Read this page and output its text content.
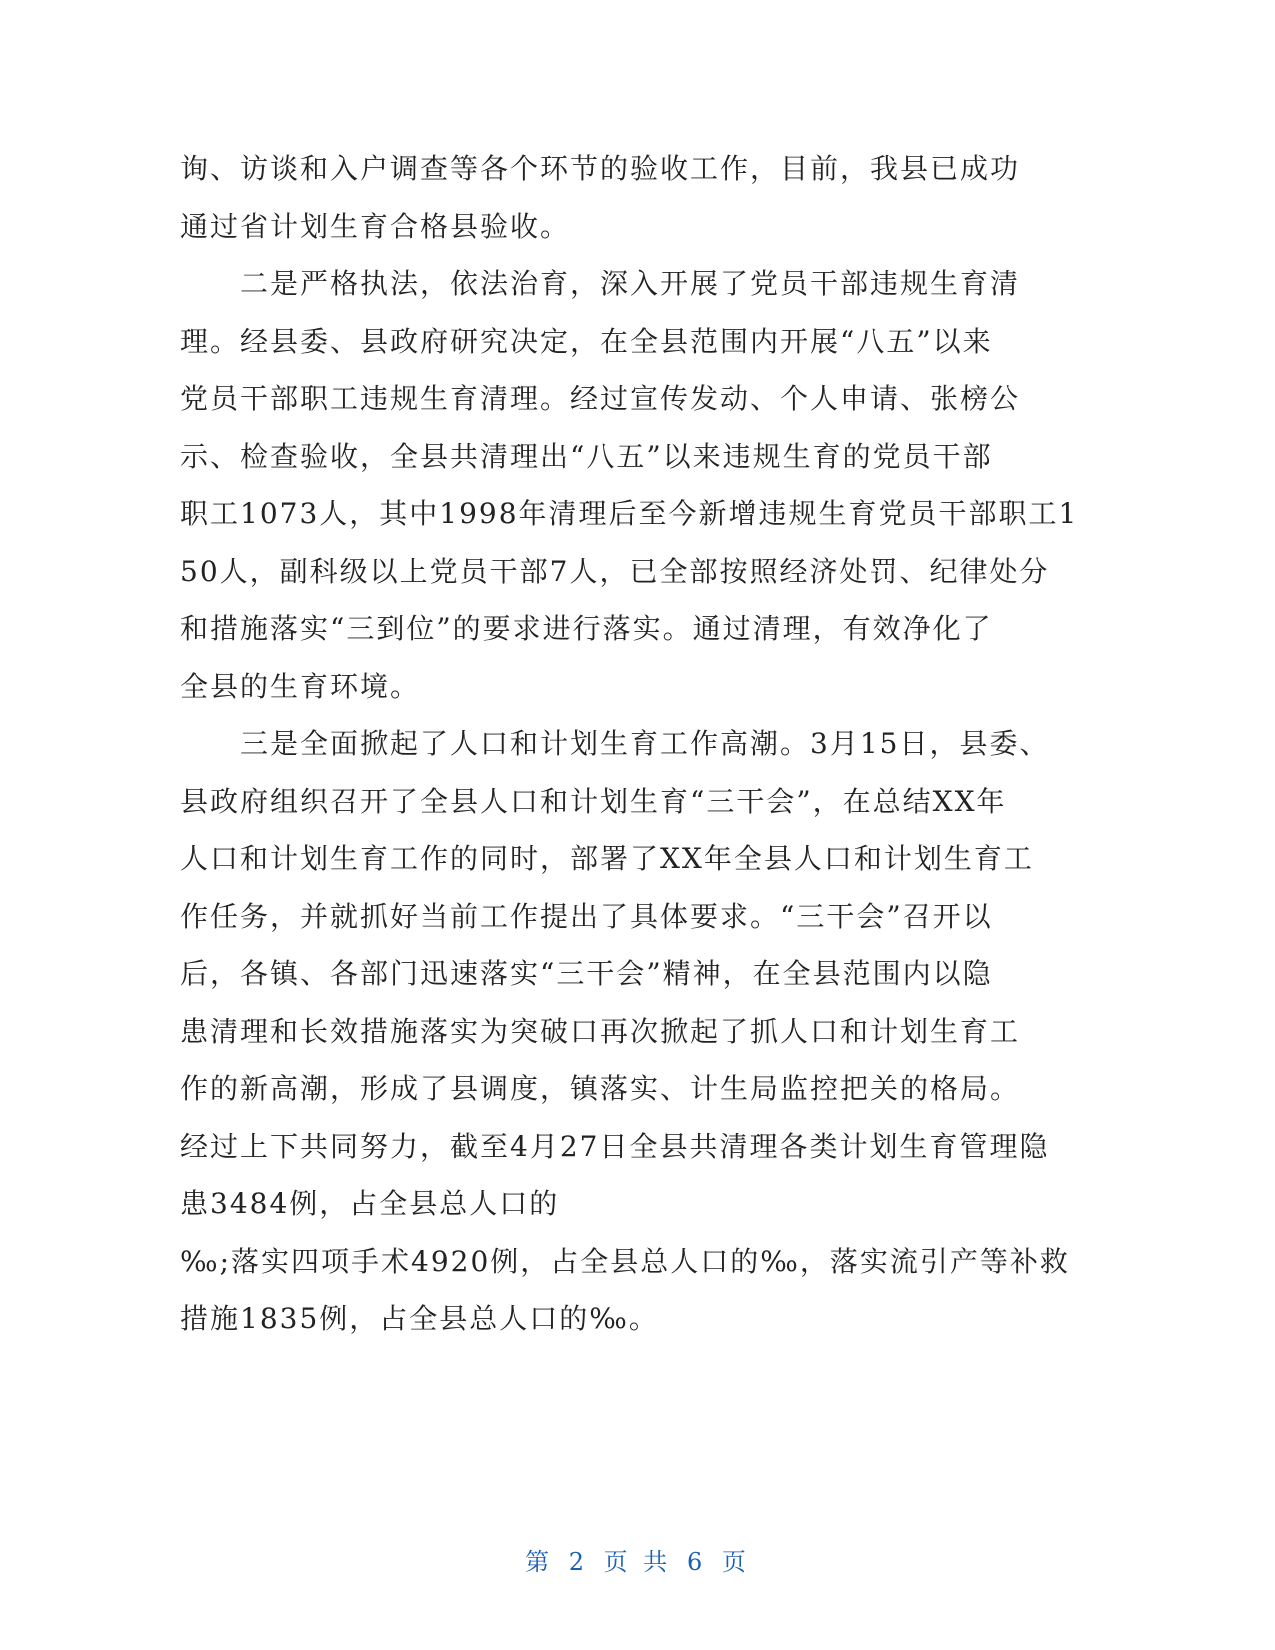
询、访谈和入户调查等各个环节的验收工作，目前，我县已成功
通过省计划生育合格县验收。
二是严格执法，依法治育，深入开展了党员干部违规生育清
理。经县委、县政府研究决定，在全县范围内开展“八五”以来
党员干部职工违规生育清理。经过宣传发动、个人申请、张榜公
示、检查验收，全县共清理出“八五”以来违规生育的党员干部
职工1073人，其中1998年清理后至今新增违规生育党员干部职工1
50人，副科级以上党员干部7人，已全部按照经济处罚、纪律处分
和措施落实“三到位”的要求进行落实。通过清理，有效净化了
全县的生育环境。
三是全面掀起了人口和计划生育工作高潮。3月15日，县委、
县政府组织召开了全县人口和计划生育“三干会”，在总结XX年
人口和计划生育工作的同时，部署了XX年全县人口和计划生育工
作任务，并就抓好当前工作提出了具体要求。“三干会”召开以
后，各镇、各部门迅速落实“三干会”精神，在全县范围内以隐
患清理和长效措施落实为突破口再次掀起了抓人口和计划生育工
作的新高潮，形成了县调度，镇落实、计生局监控把关的格局。
经过上下共同努力，截至4月27日全县共清理各类计划生育管理隐
患3484例，占全县总人口的
‰;落实四项手术4920例，占全县总人口的‰，落实流引产等补救
措施1835例，占全县总人口的‰。
第 2 页 共 6 页
